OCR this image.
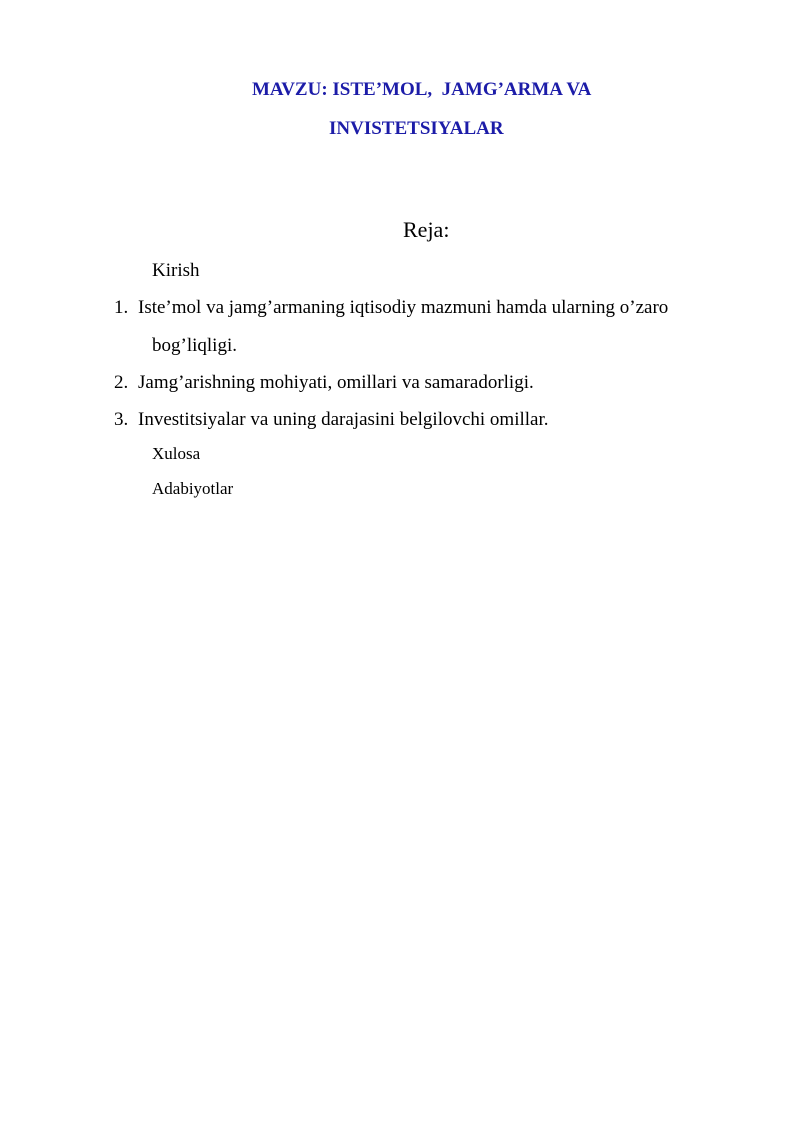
MAVZU: ISTE’MOL,  JAMG’ARMA VA
INVISTETSIYALAR
Reja:
Kirish
1. Iste’mol va jamg’armaning iqtisodiy mazmuni hamda ularning o’zaro
bog’liqligi.
2. Jamg’arishning mohiyati, omillari va samaradorligi.
3. Investitsiyalar va uning darajasini belgilovchi omillar.
Xulosa
Adabiyotlar
